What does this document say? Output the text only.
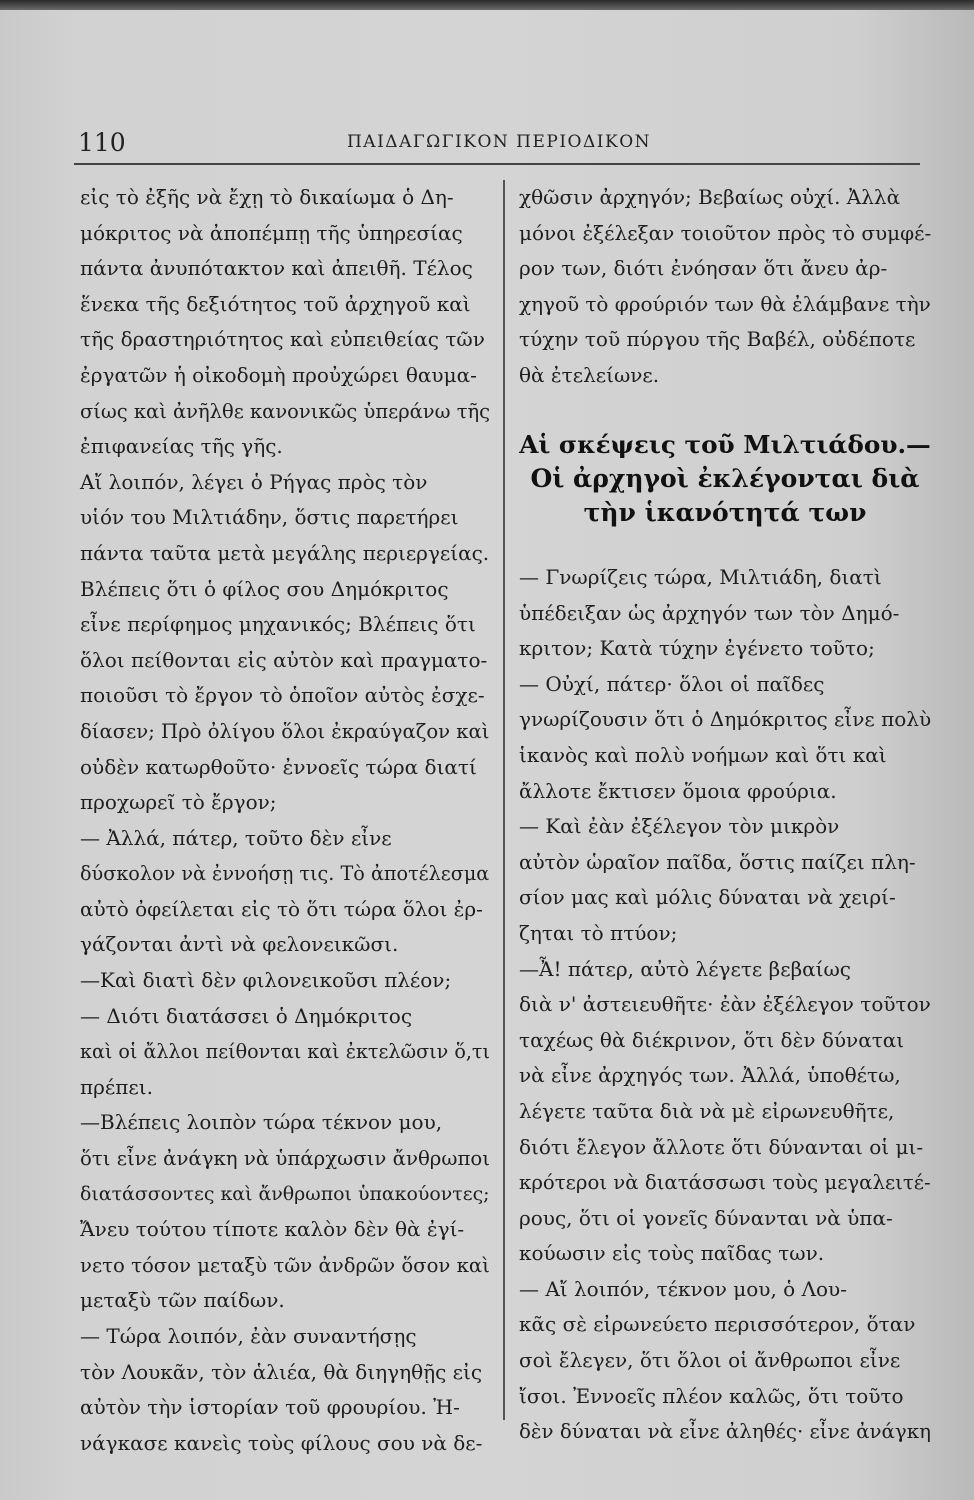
110	ΠΑΙΔΑΓΩΓΙΚΟΝ ΠΕΡΙΟΔΙΚΟΝ
εἰς τὸ ἐξῆς νὰ ἔχῃ τὸ δικαίωμα ὁ Δη-
μόκριτος νὰ ἀποπέμπῃ τῆς ὑπηρεσίας
πάντα ἀνυπότακτον καὶ ἀπειθῆ. Τέλος
ἕνεκα τῆς δεξιότητος τοῦ ἀρχηγοῦ καὶ
τῆς δραστηριότητος καὶ εὐπειθείας τῶν
ἐργατῶν ἡ οἰκοδομὴ προὐχώρει θαυμα-
σίως καὶ ἀνῆλθε κανονικῶς ὑπεράνω τῆς
ἐπιφανείας τῆς γῆς.
Αἴ λοιπόν, λέγει ὁ Ρήγας πρὸς τὸν
υἱόν του Μιλτιάδην, ὅστις παρετήρει
πάντα ταῦτα μετὰ μεγάλης περιεργείας.
Βλέπεις ὅτι ὁ φίλος σου Δημόκριτος
εἶνε περίφημος μηχανικός; Βλέπεις ὅτι
ὅλοι πείθονται εἰς αὐτὸν καὶ πραγματο-
ποιοῦσι τὸ ἔργον τὸ ὁποῖον αὐτὸς ἐσχε-
δίασεν; Πρὸ ὀλίγου ὅλοι ἐκραύγαζον καὶ
οὐδὲν κατωρθοῦτο· ἐννοεῖς τώρα διατί
προχωρεῖ τὸ ἔργον;
— Ἀλλά, πάτερ, τοῦτο δὲν εἶνε
δύσκολον νὰ ἐννοήσῃ τις. Τὸ ἀποτέλεσμα
αὐτὸ ὀφείλεται εἰς τὸ ὅτι τώρα ὅλοι ἐρ-
γάζονται ἀντὶ νὰ φελονεικῶσι.
—Καὶ διατὶ δὲν φιλονεικοῦσι πλέον;
— Διότι διατάσσει ὁ Δημόκριτος
καὶ οἱ ἄλλοι πείθονται καὶ ἐκτελῶσιν ὅ,τι
πρέπει.
—Βλέπεις λοιπὸν τώρα τέκνον μου,
ὅτι εἶνε ἀνάγκη νὰ ὑπάρχωσιν ἄνθρωποι
διατάσσοντες καὶ ἄνθρωποι ὑπακούοντες;
Ἄνευ τούτου τίποτε καλὸν δὲν θὰ ἐγί-
νετο τόσον μεταξὺ τῶν ἀνδρῶν ὅσον καὶ
μεταξὺ τῶν παίδων.
— Τώρα λοιπόν, ἐὰν συναντήσῃς
τὸν Λουκᾶν, τὸν ἁλιέα, θὰ διηγηθῇς εἰς
αὐτὸν τὴν ἱστορίαν τοῦ φρουρίου. Ἠ-
νάγκασε κανεὶς τοὺς φίλους σου νὰ δε-
χθῶσιν ἀρχηγόν; Βεβαίως οὐχί. Ἀλλὰ
μόνοι ἐξέλεξαν τοιοῦτον πρὸς τὸ συμφέ-
ρον των, διότι ἐνόησαν ὅτι ἄνευ ἀρ-
χηγοῦ τὸ φρούριόν των θὰ ἐλάμβανε τὴν
τύχην τοῦ πύργου τῆς Βαβέλ, οὐδέποτε
θὰ ἐτελείωνε.
Αἱ σκέψεις τοῦ Μιλτιάδου.—
Οἱ ἀρχηγοὶ ἐκλέγονται διὰ
τὴν ἱκανότητά των
— Γνωρίζεις τώρα, Μιλτιάδη, διατὶ
ὑπέδειξαν ὡς ἀρχηγόν των τὸν Δημό-
κριτον; Κατὰ τύχην ἐγένετο τοῦτο;
— Οὐχί, πάτερ· ὅλοι οἱ παῖδες
γνωρίζουσιν ὅτι ὁ Δημόκριτος εἶνε πολὺ
ἱκανὸς καὶ πολὺ νοήμων καὶ ὅτι καὶ
ἄλλοτε ἔκτισεν ὅμοια φρούρια.
— Καὶ ἐὰν ἐξέλεγον τὸν μικρὸν
αὐτὸν ὡραῖον παῖδα, ὅστις παίζει πλη-
σίον μας καὶ μόλις δύναται νὰ χειρί-
ζηται τὸ πτύον;
—Ἆ! πάτερ, αὐτὸ λέγετε βεβαίως
διὰ ν' ἀστειευθῆτε· ἐὰν ἐξέλεγον τοῦτον
ταχέως θὰ διέκρινον, ὅτι δὲν δύναται
νὰ εἶνε ἀρχηγός των. Ἀλλά, ὑποθέτω,
λέγετε ταῦτα διὰ νὰ μὲ εἰρωνευθῆτε,
διότι ἔλεγον ἄλλοτε ὅτι δύνανται οἱ μι-
κρότεροι νὰ διατάσσωσι τοὺς μεγαλειτέ-
ρους, ὅτι οἱ γονεῖς δύνανται νὰ ὑπα-
κούωσιν εἰς τοὺς παῖδας των.
— Αἴ λοιπόν, τέκνον μου, ὁ Λου-
κᾶς σὲ εἰρωνεύετο περισσότερον, ὅταν
σοὶ ἔλεγεν, ὅτι ὅλοι οἱ ἄνθρωποι εἶνε
ἴσοι. Ἐννοεῖς πλέον καλῶς, ὅτι τοῦτο
δὲν δύναται νὰ εἶνε ἀληθές· εἶνε ἀνάγκη
